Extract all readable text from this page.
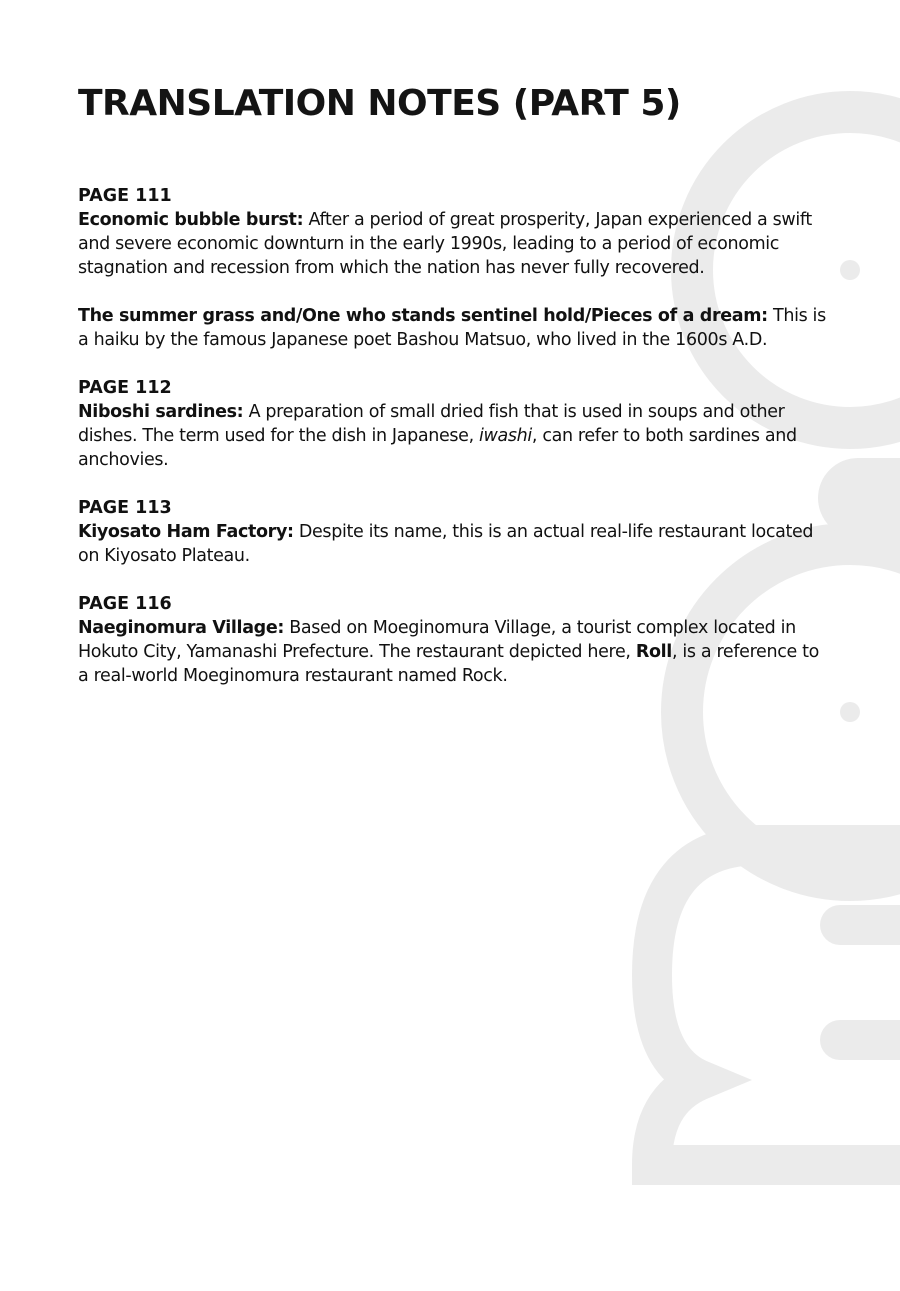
TRANSLATION NOTES (PART 5)

PAGE 111

Economic bubble burst: After a period of great prosperity, Japan experienced a swift and severe economic downturn in the early 1990s, leading to a period of economic stagnation and recession from which the nation has never fully recovered.

The summer grass and/One who stands sentinel hold/Pieces of a dream: This is a haiku by the famous Japanese poet Bashou Matsuo, who lived in the 1600s A.D.

PAGE 112

Niboshi sardines: A preparation of small dried fish that is used in soups and other dishes. The term used for the dish in Japanese, iwashi, can refer to both sardines and anchovies.

PAGE 113

Kiyosato Ham Factory: Despite its name, this is an actual real-life restaurant located on Kiyosato Plateau.

PAGE 116

Naeginomura Village: Based on Moeginomura Village, a tourist complex located in Hokuto City, Yamanashi Prefecture. The restaurant depicted here, Roll, is a reference to a real-world Moeginomura restaurant named Rock.
